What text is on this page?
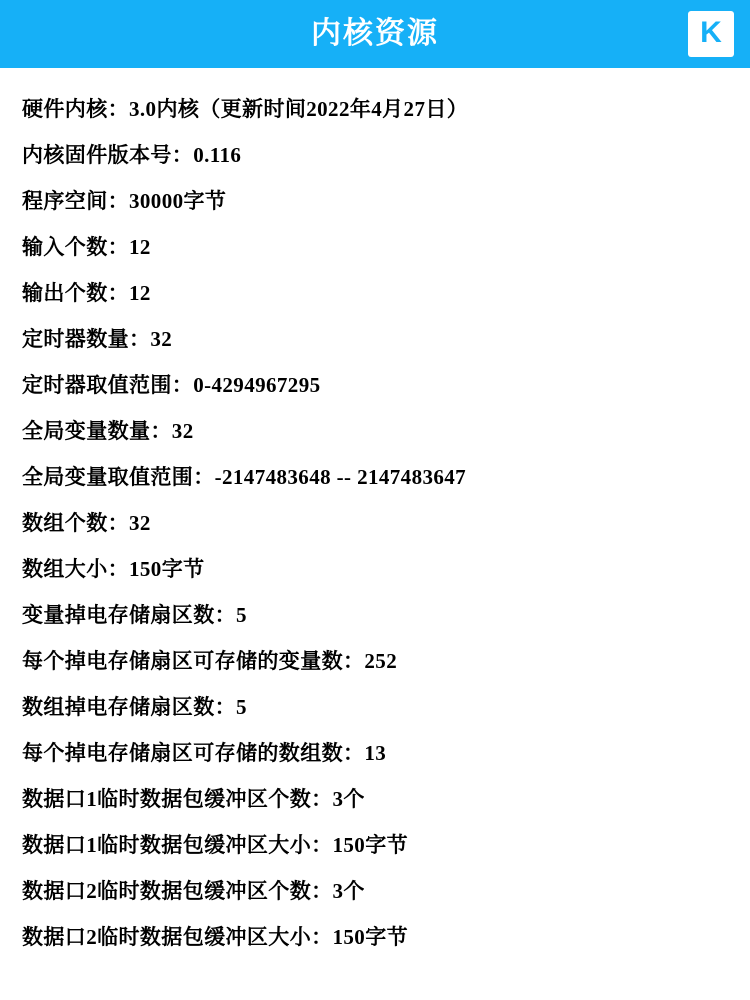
内核资源	K
硬件内核：3.0内核（更新时间2022年4月27日）
内核固件版本号：0.116
程序空间：30000字节
输入个数：12
输出个数：12
定时器数量：32
定时器取值范围：0-4294967295
全局变量数量：32
全局变量取值范围：-2147483648 -- 2147483647
数组个数：32
数组大小：150字节
变量掉电存储扇区数：5
每个掉电存储扇区可存储的变量数：252
数组掉电存储扇区数：5
每个掉电存储扇区可存储的数组数：13
数据口1临时数据包缓冲区个数：3个
数据口1临时数据包缓冲区大小：150字节
数据口2临时数据包缓冲区个数：3个
数据口2临时数据包缓冲区大小：150字节
